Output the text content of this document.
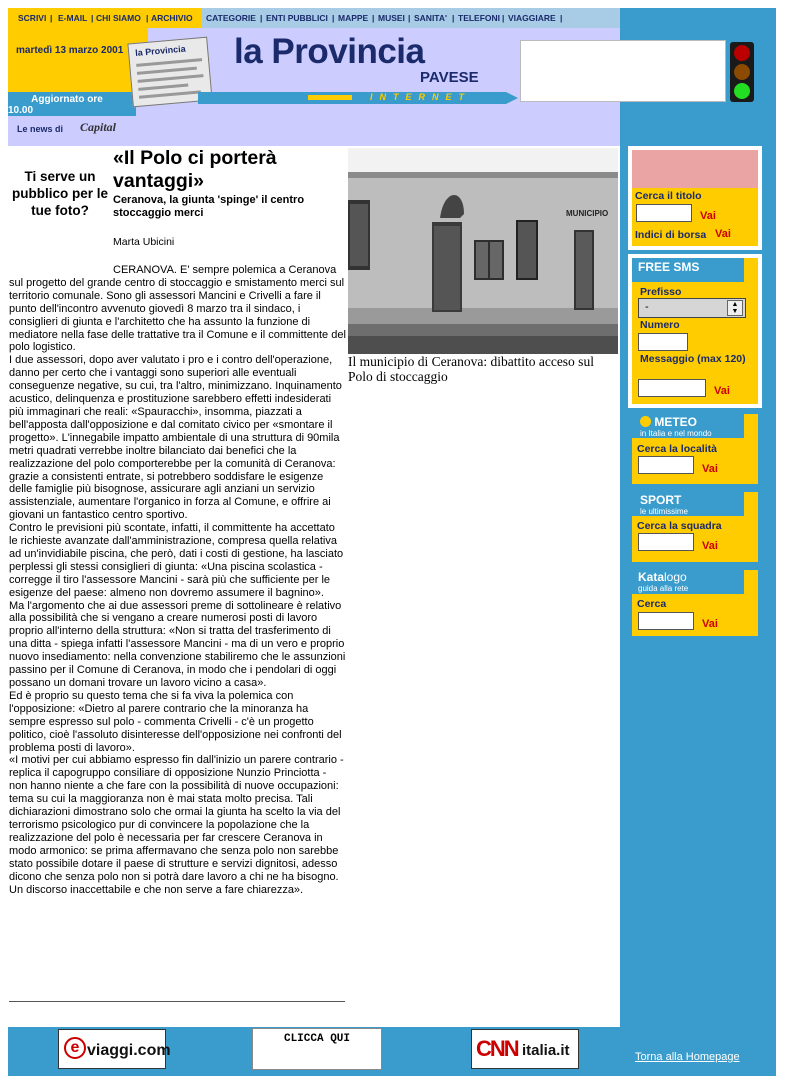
SCRIVI | E-MAIL | CHI SIAMO | ARCHIVIO CATEGORIE | ENTI PUBBLICI | MAPPE | MUSEI | SANITA' | TELEFONI | VIAGGIARE |
martedì 13 marzo 2001
Aggiornato ore
10.00
Le news di Capital
la Provincia la Provincia
PAVESE
INTERNET
Ti serve un pubblico per le tue foto?
«Il Polo ci porterà vantaggi»
Ceranova, la giunta 'spinge' il centro stoccaggio merci
Marta Ubicini

CERANOVA. E' sempre polemica a Ceranova sul progetto del grande centro di stoccaggio e smistamento merci sul territorio comunale. Sono gli assessori Mancini e Crivelli a fare il punto dell'incontro avvenuto giovedì 8 marzo tra il sindaco, i consiglieri di giunta e l'architetto che ha assunto la funzione di mediatore nella fase delle trattative tra il Comune e il committente del polo logistico.

I due assessori, dopo aver valutato i pro e i contro dell'operazione, danno per certo che i vantaggi sono superiori alle eventuali conseguenze negative, su cui, tra l'altro, minimizzano. Inquinamento acustico, delinquenza e prostituzione sarebbero effetti indesiderati più immaginari che reali: «Spauracchi», insomma, piazzati a bell'apposta dall'opposizione e dal comitato civico per «smontare il progetto». L'innegabile impatto ambientale di una struttura di 90mila metri quadrati verrebbe inoltre bilanciato dai benefici che la realizzazione del polo comporterebbe per la comunità di Ceranova: grazie a consistenti entrate, si potrebbero soddisfare le esigenze delle famiglie più bisognose, assicurare agli anziani un servizio assistenziale, aumentare l'organico in forza al Comune, e offrire ai giovani un fantastico centro sportivo.

Contro le previsioni più scontate, infatti, il committente ha accettato le richieste avanzate dall'amministrazione, compresa quella relativa ad un'invidiabile piscina, che però, dati i costi di gestione, ha lasciato perplessi gli stessi consiglieri di giunta: «Una piscina scolastica - corregge il tiro l'assessore Mancini - sarà più che sufficiente per le esigenze del paese: almeno non dovremo assumere il bagnino».

Ma l'argomento che ai due assessori preme di sottolineare è relativo alla possibilità che si vengano a creare numerosi posti di lavoro proprio all'interno della struttura: «Non si tratta del trasferimento di una ditta - spiega infatti l'assessore Mancini - ma di un vero e proprio nuovo insediamento: nella convenzione stabiliremo che le assunzioni passino per il Comune di Ceranova, in modo che i pendolari di oggi possano un domani trovare un lavoro vicino a casa».

Ed è proprio su questo tema che si fa viva la polemica con l'opposizione: «Dietro al parere contrario che la minoranza ha sempre espresso sul polo - commenta Crivelli - c'è un progetto politico, cioè l'assoluto disinteresse dell'opposizione nei confronti del problema posti di lavoro».

«I motivi per cui abbiamo espresso fin dall'inizio un parere contrario - replica il capogruppo consiliare di opposizione Nunzio Princiotta - non hanno niente a che fare con la possibilità di nuove occupazioni: tema su cui la maggioranza non è mai stata molto precisa. Tali dichiarazioni dimostrano solo che ormai la giunta ha scelto la via del terrorismo psicologico pur di convincere la popolazione che la realizzazione del polo è necessaria per far crescere Ceranova in modo armonico: se prima affermavano che senza polo non sarebbe stato possibile dotare il paese di strutture e servizi dignitosi, adesso dicono che senza polo non si potrà dare lavoro a chi ne ha bisogno. Un discorso inaccettabile e che non serve a fare chiarezza».

MUNICIPIO
Il municipio di Ceranova: dibattito acceso sul Polo di stoccaggio
Cerca il titolo
Vai
Indici di borsa Vai
FREE SMS
Prefisso
-	▲
▼
Numero
Messaggio (max 120)
Vai
METEO
in Italia e nel mondo
Cerca la località
Vai
SPORT
le ultimissime
Cerca la squadra
Vai
Katalogo
guida alla rete
Cerca
Vai
e viaggi.com
CLICCA QUI	CNN italia.it	Torna alla Homepage
